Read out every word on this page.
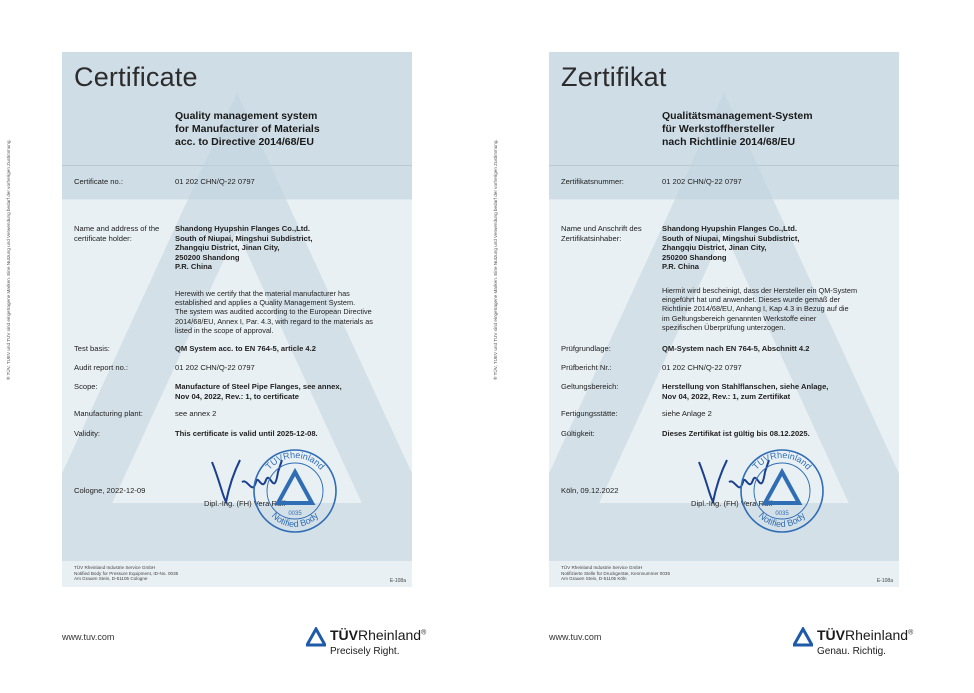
® TÜV, TUEV und TUV sind eingetragene Marken. Eine Nutzung und Verwendung bedarf der vorherigen Zustimmung.
Certificate
Quality management system
for Manufacturer of Materials
acc. to Directive 2014/68/EU
Certificate no.:	01 202 CHN/Q-22 0797
Name and address of the
certificate holder:
Shandong Hyupshin Flanges Co.,Ltd.
South of Niupai, Mingshui Subdistrict,
Zhangqiu District, Jinan City,
250200 Shandong
P.R. China
Herewith we certify that the material manufacturer has
established and applies a Quality Management System.
The system was audited according to the European Directive
2014/68/EU, Annex I, Par. 4.3, with regard to the materials as
listed in the scope of approval.
Test basis:	QM System acc. to EN 764-5, article 4.2
Audit report no.:	01 202 CHN/Q-22 0797
Scope:	Manufacture of Steel Pipe Flanges, see annex,
Nov 04, 2022, Rev.: 1, to certificate
Manufacturing plant:	see annex 2
Validity:	This certificate is valid until 2025-12-08.
Cologne, 2022-12-09
Dipl.-Ing. (FH) Vera Ruff
TÜVRheinland
Notified Body
0035
TÜV Rheinland Industrie Service GmbH
Notified Body for Pressure Equipment, ID-No. 0035
Am Grauen Stein, D-51105 Cologne	E-108a
www.tuv.com	TÜVRheinland®
Precisely Right.
® TÜV, TUEV und TUV sind eingetragene Marken. Eine Nutzung und Verwendung bedarf der vorherigen Zustimmung.
Zertifikat
Qualitätsmanagement-System
für Werkstoffhersteller
nach Richtlinie 2014/68/EU
Zertifikatsnummer:	01 202 CHN/Q-22 0797
Name und Anschrift des
Zertifikatsinhaber:
Shandong Hyupshin Flanges Co.,Ltd.
South of Niupai, Mingshui Subdistrict,
Zhangqiu District, Jinan City,
250200 Shandong
P.R. China
Hiermit wird bescheinigt, dass der Hersteller ein QM-System
eingeführt hat und anwendet. Dieses wurde gemäß der
Richtlinie 2014/68/EU, Anhang I, Kap 4.3 in Bezug auf die
im Geltungsbereich genannten Werkstoffe einer
spezifischen Überprüfung unterzogen.
Prüfgrundlage:	QM-System nach EN 764-5, Abschnitt 4.2
Prüfbericht Nr.:	01 202 CHN/Q-22 0797
Geltungsbereich:	Herstellung von Stahlflanschen, siehe Anlage,
Nov 04, 2022, Rev.: 1, zum Zertifikat
Fertigungsstätte:	siehe Anlage 2
Gültigkeit:	Dieses Zertifikat ist gültig bis 08.12.2025.
Köln, 09.12.2022
Dipl.-Ing. (FH) Vera Ruff
TÜVRheinland
Notified Body
0035
TÜV Rheinland Industrie Service GmbH
Notifizierte Stelle für Druckgeräte, Kennnummer 0035
Am Grauen Stein, D-51105 Köln	E-108a
www.tuv.com	TÜVRheinland®
Genau. Richtig.
